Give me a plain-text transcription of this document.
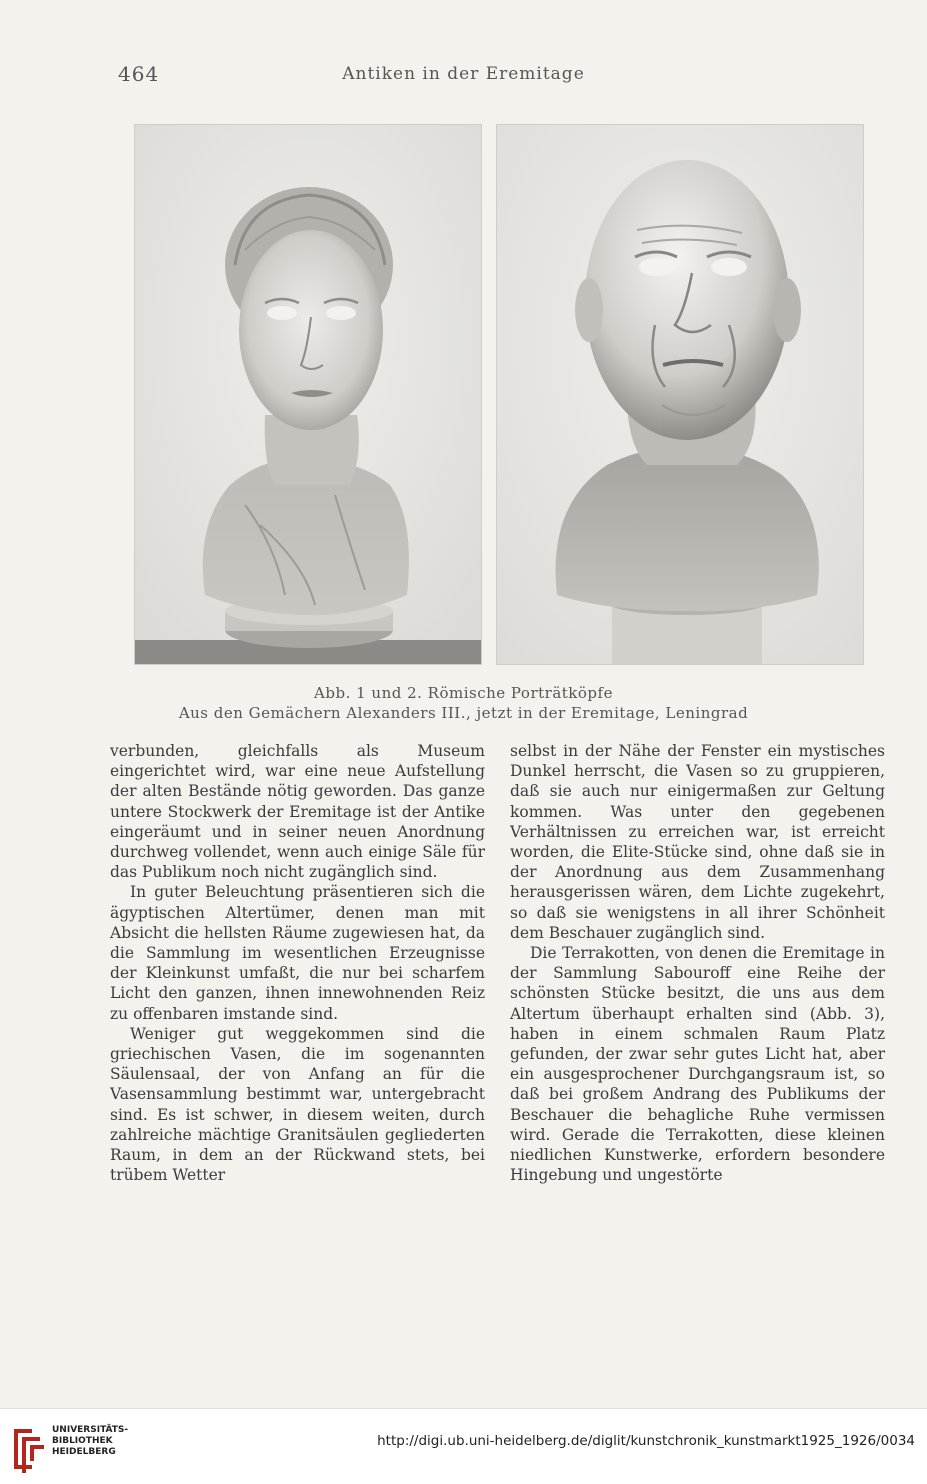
464	Antiken in der Eremitage
Abb. 1 und 2. Römische Porträtköpfe
Aus den Gemächern Alexanders III., jetzt in der Eremitage, Leningrad

verbunden, gleichfalls als Museum eingerichtet wird, war eine neue Aufstellung der alten Bestände nötig geworden. Das ganze untere Stockwerk der Eremitage ist der Antike eingeräumt und in seiner neuen Anordnung durchweg vollendet, wenn auch einige Säle für das Publikum noch nicht zugänglich sind.

In guter Beleuchtung präsentieren sich die ägyptischen Altertümer, denen man mit Absicht die hellsten Räume zugewiesen hat, da die Sammlung im wesentlichen Erzeugnisse der Kleinkunst umfaßt, die nur bei scharfem Licht den ganzen, ihnen innewohnenden Reiz zu offenbaren imstande sind.

Weniger gut weggekommen sind die griechischen Vasen, die im sogenannten Säulensaal, der von Anfang an für die Vasensammlung bestimmt war, untergebracht sind. Es ist schwer, in diesem weiten, durch zahlreiche mächtige Granitsäulen gegliederten Raum, in dem an der Rückwand stets, bei trübem Wetter

selbst in der Nähe der Fenster ein mystisches Dunkel herrscht, die Vasen so zu gruppieren, daß sie auch nur einigermaßen zur Geltung kommen. Was unter den gegebenen Verhältnissen zu erreichen war, ist erreicht worden, die Elite-Stücke sind, ohne daß sie in der Anordnung aus dem Zusammenhang herausgerissen wären, dem Lichte zugekehrt, so daß sie wenigstens in all ihrer Schönheit dem Beschauer zugänglich sind.

Die Terrakotten, von denen die Eremitage in der Sammlung Sabouroff eine Reihe der schönsten Stücke besitzt, die uns aus dem Altertum überhaupt erhalten sind (Abb. 3), haben in einem schmalen Raum Platz gefunden, der zwar sehr gutes Licht hat, aber ein ausgesprochener Durchgangsraum ist, so daß bei großem Andrang des Publikums der Beschauer die behagliche Ruhe vermissen wird. Gerade die Terrakotten, diese kleinen niedlichen Kunstwerke, erfordern besondere Hingebung und ungestörte

UNIVERSITÄTS-
BIBLIOTHEK
HEIDELBERG
http://digi.ub.uni-heidelberg.de/diglit/kunstchronik_kunstmarkt1925_1926/0034
